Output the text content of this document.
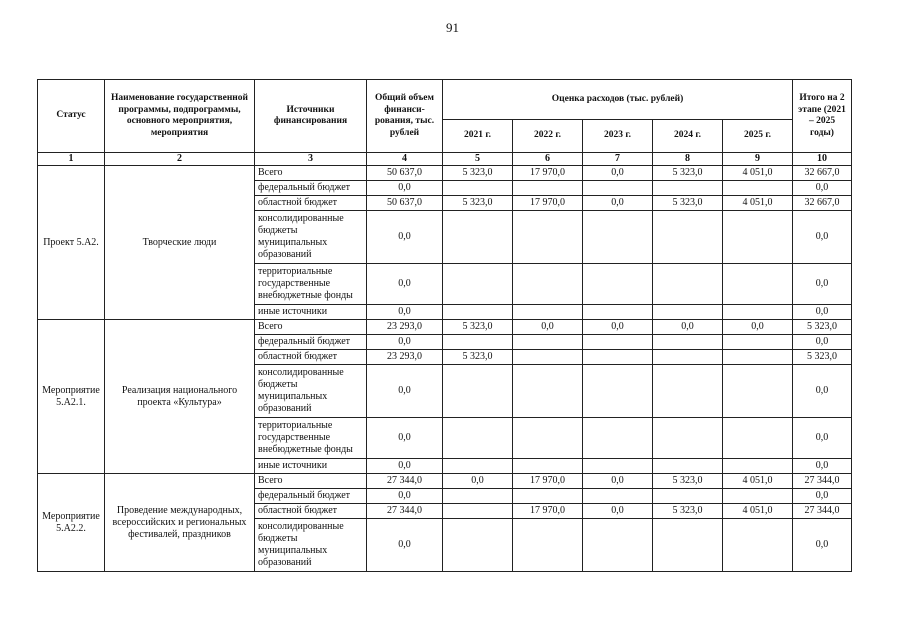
91
Статус	Наименование государственной программы, подпрограммы, основного мероприятия, мероприятия	Источники финансирования	Общий объем финанси- рования, тыс. рублей	Оценка расходов (тыс. рублей)					Итого на 2 этапе (2021 – 2025 годы)
				2021 г.	2022 г.	2023 г.	2024 г.	2025 г.	
1	2	3	4	5	6	7	8	9	10
Проект 5.А2.	Творческие люди	Всего	50 637,0	5 323,0	17 970,0	0,0	5 323,0	4 051,0	32 667,0
		федеральный бюджет	0,0						0,0
		областной бюджет	50 637,0	5 323,0	17 970,0	0,0	5 323,0	4 051,0	32 667,0
		консолидированные бюджеты муниципальных образований	0,0						0,0
		территориальные государственные внебюджетные фонды	0,0						0,0
		иные источники	0,0						0,0
Мероприятие 5.А2.1.	Реализация национального проекта «Культура»	Всего	23 293,0	5 323,0	0,0	0,0	0,0	0,0	5 323,0
		федеральный бюджет	0,0						0,0
		областной бюджет	23 293,0	5 323,0					5 323,0
		консолидированные бюджеты муниципальных образований	0,0						0,0
		территориальные государственные внебюджетные фонды	0,0						0,0
		иные источники	0,0						0,0
Мероприятие 5.А2.2.	Проведение международных, всероссийских и региональных фестивалей, праздников	Всего	27 344,0	0,0	17 970,0	0,0	5 323,0	4 051,0	27 344,0
		федеральный бюджет	0,0						0,0
		областной бюджет	27 344,0		17 970,0	0,0	5 323,0	4 051,0	27 344,0
		консолидированные бюджеты муниципальных образований	0,0						0,0
